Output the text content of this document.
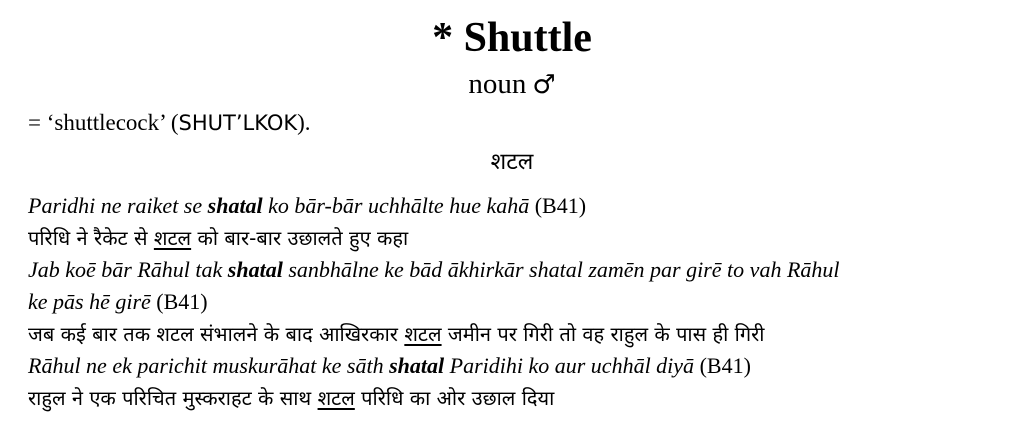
* Shuttle
noun ♂
= ‘shuttlecock’ (SHUT’LKOK).
शटल
Paridhi ne raiket se shatal ko bār-bār uchhālte hue kahā (B41)
परिधि ने रैकेट से शटल को बार-बार उछालते हुए कहा
Jab koē bār Rāhul tak shatal sanbhālne ke bād ākhirkār shatal zamēn par girē to vah Rāhul
ke pās hē girē (B41)
जब कई बार तक शटल संभालने के बाद आखिरकार शटल जमीन पर गिरी तो वह राहुल के पास ही गिरी
Rāhul ne ek parichit muskurāhat ke sāth shatal Paridihi ko aur uchhāl diyā (B41)
राहुल ने एक परिचित मुस्कराहट के साथ शटल परिधि का ओर उछाल दिया
